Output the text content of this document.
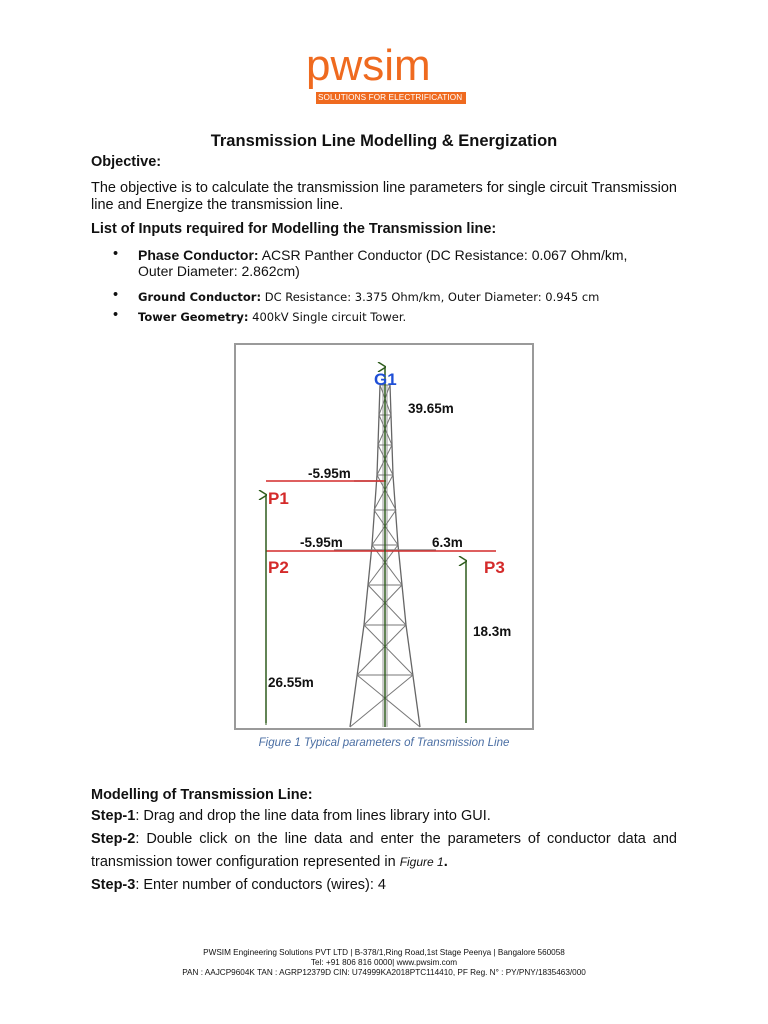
pwsim
SOLUTIONS FOR ELECTRIFICATION
Transmission Line Modelling & Energization
Objective:
The objective is to calculate the transmission line parameters for single circuit Transmission line and Energize the transmission line.
List of Inputs required for Modelling the Transmission line:
• Phase Conductor: ACSR Panther Conductor (DC Resistance: 0.067 Ohm/km,
Outer Diameter: 2.862cm)
• Ground Conductor: DC Resistance: 3.375 Ohm/km, Outer Diameter: 0.945 cm
• Tower Geometry: 400kV Single circuit Tower.
G1
39.65m
-5.95m
P1
-5.95m	6.3m
P2	P3
18.3m
26.55m
Figure 1 Typical parameters of Transmission Line
Modelling of Transmission Line:
Step-1: Drag and drop the line data from lines library into GUI.
Step-2: Double click on the line data and enter the parameters of conductor data and transmission tower configuration represented in Figure 1.
Step-3: Enter number of conductors (wires): 4
PWSIM Engineering Solutions PVT LTD | B-378/1,Ring Road,1st Stage Peenya | Bangalore 560058
Tel: +91 806 816 0000| www.pwsim.com
PAN : AAJCP9604K TAN : AGRP12379D CIN: U74999KA2018PTC114410, PF Reg. N° : PY/PNY/1835463/000
